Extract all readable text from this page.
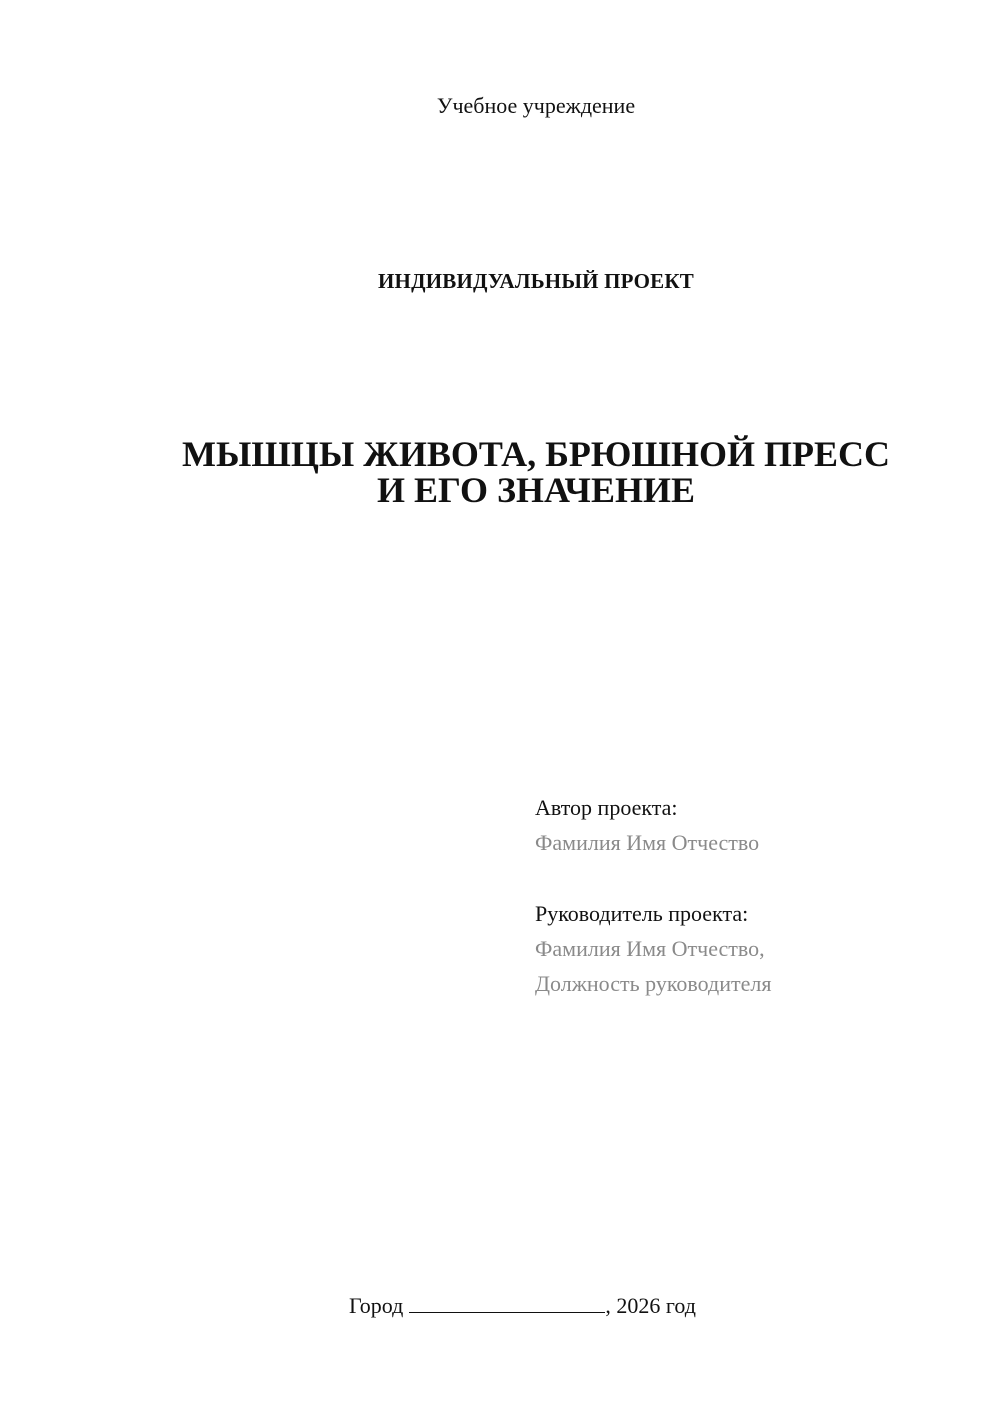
Учебное учреждение
ИНДИВИДУАЛЬНЫЙ ПРОЕКТ
МЫШЦЫ ЖИВОТА, БРЮШНОЙ ПРЕСС
И ЕГО ЗНАЧЕНИЕ
Автор проекта:
Фамилия Имя Отчество
Руководитель проекта:
Фамилия Имя Отчество,
Должность руководителя
Город	, 2026 год
